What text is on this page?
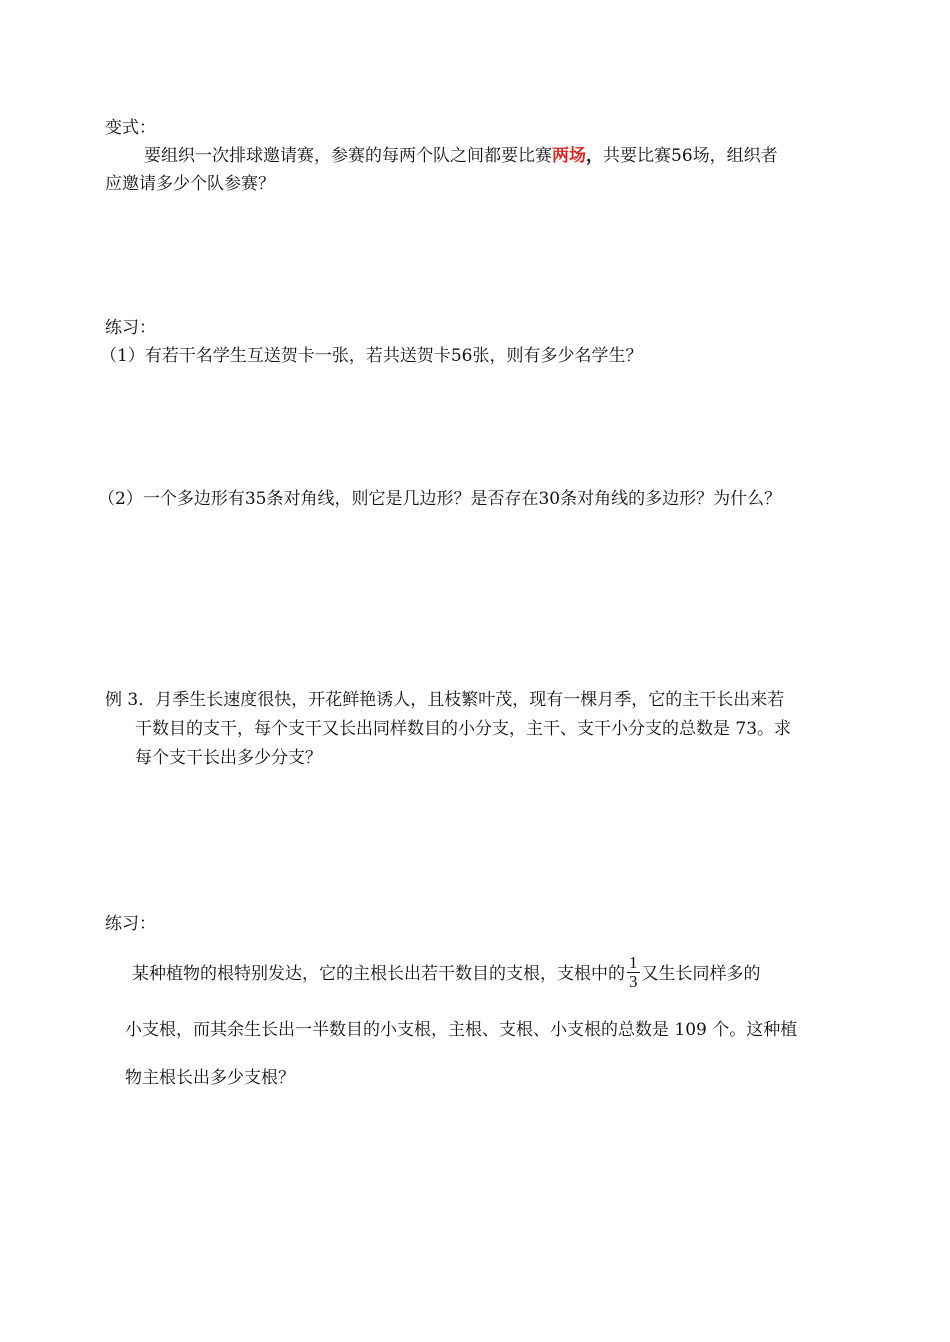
变式：
要组织一次排球邀请赛，参赛的每两个队之间都要比赛两场，共要比赛56场，组织者
应邀请多少个队参赛？
练习：
（1）有若干名学生互送贺卡一张，若共送贺卡56张，则有多少名学生？
（2）一个多边形有35条对角线，则它是几边形？是否存在30条对角线的多边形？为什么？
例 3．月季生长速度很快，开花鲜艳诱人，且枝繁叶茂，现有一棵月季，它的主干长出来若
干数目的支干，每个支干又长出同样数目的小分支，主干、支干小分支的总数是 73。求
每个支干长出多少分支？
练习：
某种植物的根特别发达，它的主根长出若干数目的支根，支根中的 $\frac{1}{3}$ 又生长同样多的
小支根，而其余生长出一半数目的小支根，主根、支根、小支根的总数是 109 个。这种植
物主根长出多少支根？
